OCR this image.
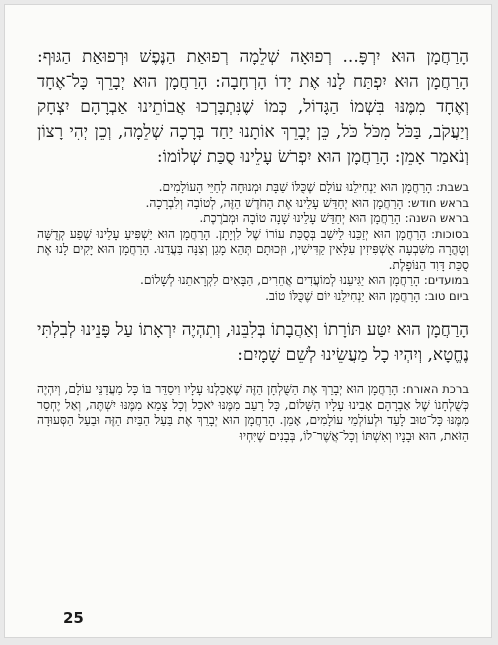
הָרַחֲמָן הוּא יִרְפָּ... רְפוּאָה שְׁלֵמָה רְפוּאַת הַנֶּפֶשׁ וּרְפוּאַת הַגּוּף: הָרַחֲמָן הוּא יִפְתַּח לָנוּ אֶת יָדוֹ הָרְחָבָה: הָרַחֲמָן הוּא יְבָרֵךְ כָּל־אֶחָד וְאֶחָד מִמֶּנּוּ בִּשְׁמוֹ הַגָּדוֹל, כְּמוֹ שֶׁנִּתְבָּרְכוּ אֲבוֹתֵינוּ אַבְרָהָם יִצְחָק וְיַעֲקֹב, בַּכֹּל מִכֹּל כֹּל, כֵּן יְבָרֵךְ אוֹתָנוּ יַחַד בְּרָכָה שְׁלֵמָה, וְכֵן יְהִי רָצוֹן וְנֹאמַר אָמֵן: הָרַחֲמָן הוּא יִפְרֹשׂ עָלֵינוּ סֻכַּת שְׁלוֹמוֹ:

בשבת: הָרַחֲמָן הוּא יַנְחִילֵנוּ עוֹלָם שֶׁכֻּלּוֹ שַׁבָּת וּמְנוּחָה לְחַיֵּי הָעוֹלָמִים.

בראש חודש: הָרַחֲמָן הוּא יְחַדֵּשׁ עָלֵינוּ אֶת הַחֹדֶשׁ הַזֶּה, לְטוֹבָה וְלִבְרָכָה.

בראש השנה: הָרַחֲמָן הוּא יְחַדֵּשׁ עָלֵינוּ שָׁנָה טוֹבָה וּמְבֹרֶכֶת.

בסוכות: הָרַחֲמָן הוּא יְזַכֵּנוּ לֵישֵׁב בְּסֻכַּת עוֹרוֹ שֶׁל לִוְיָתָן. הָרַחֲמָן הוּא יַשְׁפִּיעַ עָלֵינוּ שֶׁפַע קְדֻשָּׁה וְטָהֳרָה מִשִּׁבְעָה אֻשְׁפִּיזִין עִלָּאִין קַדִּישִׁין, וּזְכוּתָם תְּהֵא מָגֵן וְצִנָּה בַּעֲדֵנוּ. הָרַחֲמָן הוּא יָקִים לָנוּ אֶת סֻכַּת דָּוִד הַנּוֹפָלֶת.

במועדים: הָרַחֲמָן הוּא יַגִּיעֵנוּ לְמוֹעֲדִים אֲחֵרִים, הַבָּאִים לִקְרָאתֵנוּ לְשָׁלוֹם.

ביום טוב: הָרַחֲמָן הוּא יַנְחִילֵנוּ יוֹם שֶׁכֻּלּוֹ טוֹב.

הָרַחֲמָן הוּא יִטַּע תּוֹרָתוֹ וְאַהֲבָתוֹ בְּלִבֵּנוּ, וְתִהְיֶה יִרְאָתוֹ עַל פָּנֵינוּ לְבִלְתִּי נֶחֱטָא, וְיִהְיוּ כָל מַעֲשֵׂינוּ לְשֵׁם שָׁמָיִם:

ברכת האורח: הָרַחֲמָן הוּא יְבָרֵךְ אֶת הַשֻּׁלְחָן הַזֶּה שֶׁאָכַלְנוּ עָלָיו וִיסַדֵּר בּוֹ כָּל מַעֲדַנֵּי עוֹלָם, וְיִהְיֶה כְּשֻׁלְחָנוֹ שֶׁל אַבְרָהָם אָבִינוּ עָלָיו הַשָּׁלוֹם, כָּל רָעֵב מִמֶּנּוּ יֹאכַל וְכָל צָמֵא מִמֶּנּוּ יִשְׁתֶּה, וְאַל יֶחְסַר מִמֶּנּוּ כָּל־טוּב לָעַד וּלְעוֹלְמֵי עוֹלָמִים, אָמֵן. הָרַחֲמָן הוּא יְבָרֵךְ אֶת בַּעַל הַבַּיִת הַזֶּה וּבַעַל הַסְּעוּדָה הַזֹּאת, הוּא וּבָנָיו וְאִשְׁתּוֹ וְכָל־אֲשֶׁר־לוֹ, בְּבָנִים שֶׁיִּחְיוּ

25
